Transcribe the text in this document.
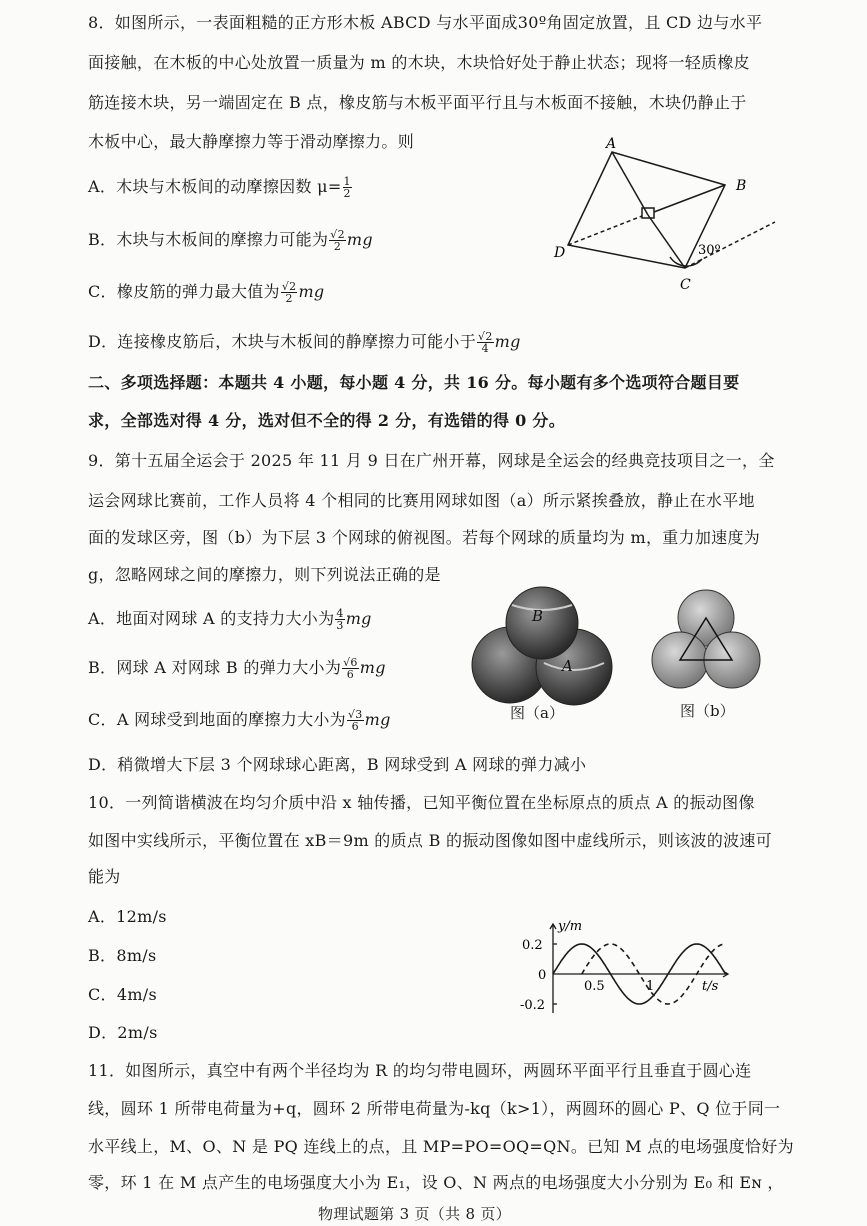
8．如图所示，一表面粗糙的正方形木板 ABCD 与水平面成30º角固定放置，且 CD 边与水平
面接触，在木板的中心处放置一质量为 m 的木块，木块恰好处于静止状态；现将一轻质橡皮
筋连接木块，另一端固定在 B 点，橡皮筋与木板平面平行且与木板面不接触，木块仍静止于
木板中心，最大静摩擦力等于滑动摩擦力。则
A．木块与木板间的动摩擦因数 $\mu= \frac{1}{2}$
B．木块与木板间的摩擦力可能为 $\frac{√2}{2}$ mg
C．橡皮筋的弹力最大值为 $\frac{√2}{2}$ mg
D．连接橡皮筋后，木块与木板间的静摩擦力可能小于 $\frac{√2}{4}$ mg
A
B
C
D	30º
二、多项选择题：本题共 4 小题，每小题 4 分，共 16 分。每小题有多个选项符合题目要
求，全部选对得 4 分，选对但不全的得 2 分，有选错的得 0 分。
9．第十五届全运会于 2025 年 11 月 9 日在广州开幕，网球是全运会的经典竞技项目之一，全
运会网球比赛前，工作人员将 4 个相同的比赛用网球如图（a）所示紧挨叠放，静止在水平地
面的发球区旁，图（b）为下层 3 个网球的俯视图。若每个网球的质量均为 m，重力加速度为
g，忽略网球之间的摩擦力，则下列说法正确的是
A．地面对网球 A 的支持力大小为 $\frac{4}{3}$ mg
B．网球 A 对网球 B 的弹力大小为 $\frac{√6}{6}$ mg
C．A 网球受到地面的摩擦力大小为 $\frac{√3}{6}$ mg
D．稍微增大下层 3 个网球球心距离，B 网球受到 A 网球的弹力减小
B
A
图（a）	图（b）
10．一列简谐横波在均匀介质中沿 x 轴传播，已知平衡位置在坐标原点的质点 A 的振动图像
如图中实线所示，平衡位置在 xB＝9m 的质点 B 的振动图像如图中虚线所示，则该波的波速可
能为
A．12m/s
B．8m/s
C．4m/s
D．2m/s
y/m
t/s
0.2
0
-0.2
0.5	1
11．如图所示，真空中有两个半径均为 R 的均匀带电圆环，两圆环平面平行且垂直于圆心连
线，圆环 1 所带电荷量为+q，圆环 2 所带电荷量为-kq（k>1），两圆环的圆心 P、Q 位于同一
水平线上，M、O、N 是 PQ 连线上的点，且 MP=PO=OQ=QN。已知 M 点的电场强度恰好为
零，环 1 在 M 点产生的电场强度大小为 E₁，设 O、N 两点的电场强度大小分别为 E₀ 和 Eɴ ，
物理试题第 3 页（共 8 页）
